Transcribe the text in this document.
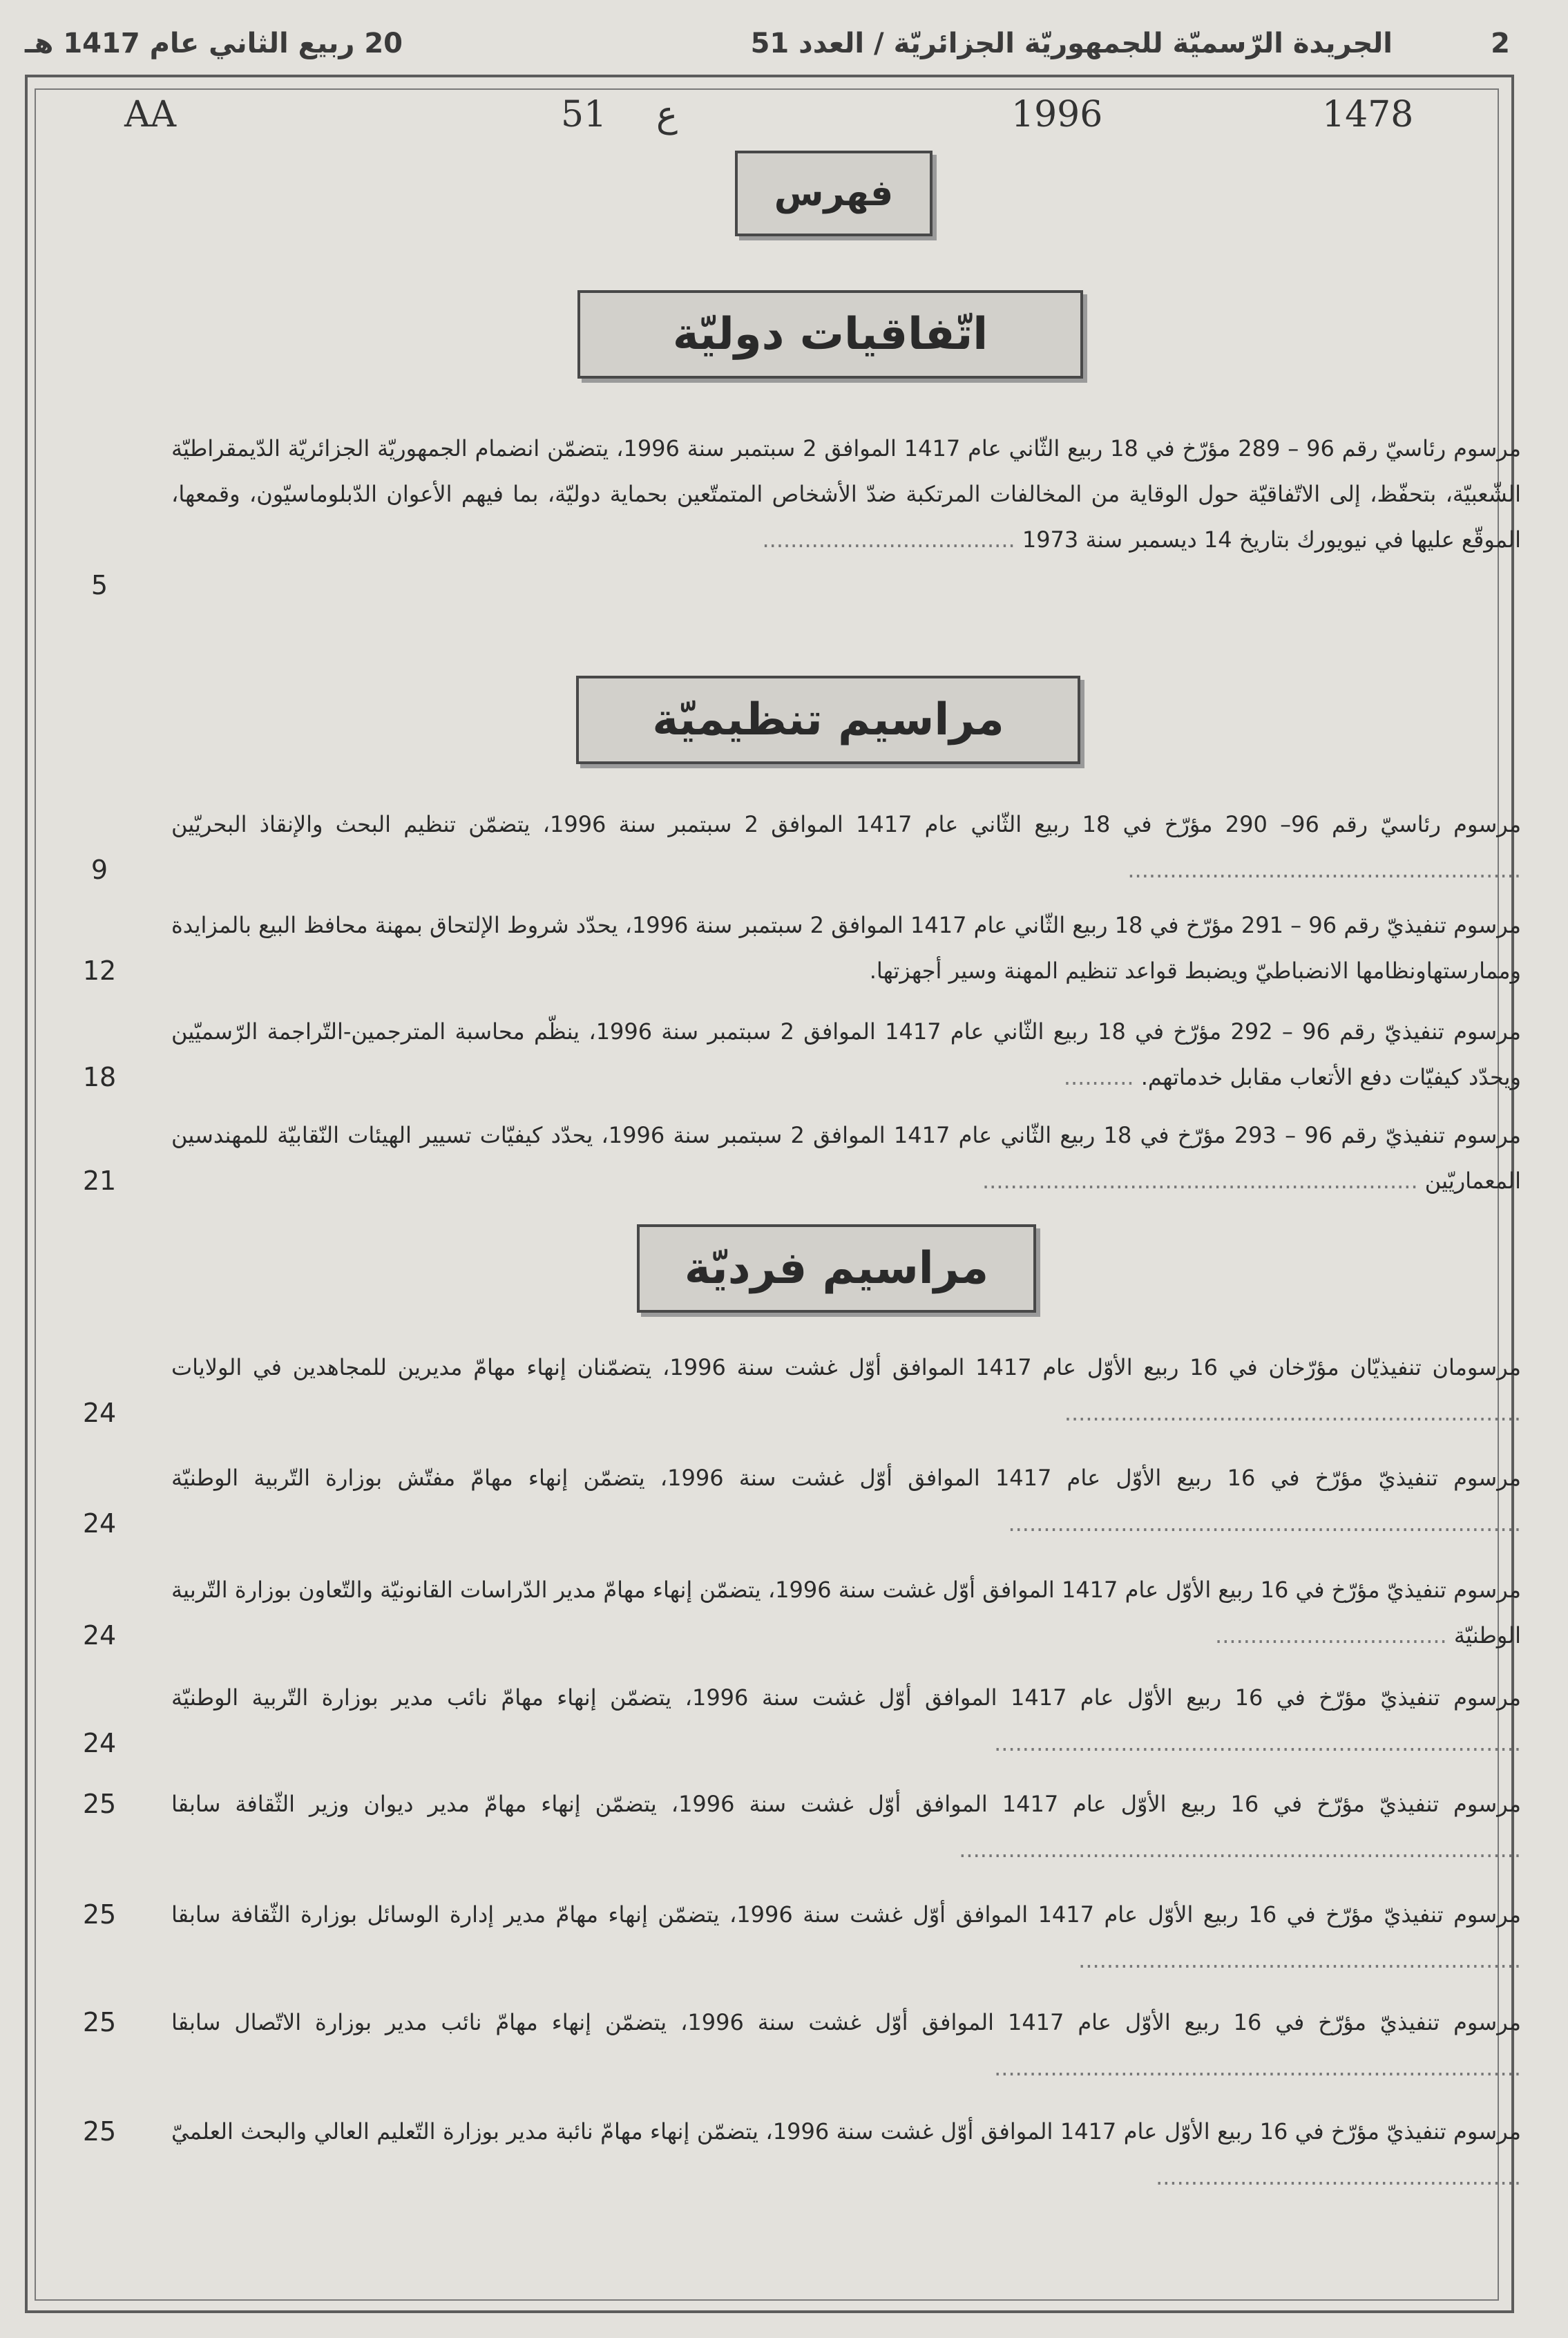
2
الجريدة الرّسميّة للجمهوريّة الجزائريّة / العدد 51
20 ربيع الثاني عام 1417 هـ
AA	51 ع	1996	1478
فهرس
اتّفاقيات دوليّة
مرسوم رئاسيّ رقم 96 – 289 مؤرّخ في 18 ربيع الثّاني عام 1417 الموافق 2 سبتمبر سنة 1996، يتضمّن انضمام الجمهوريّة الجزائريّة الدّيمقراطيّة الشّعبيّة، بتحفّظ، إلى الاتّفاقيّة حول الوقاية من المخالفات المرتكبة ضدّ الأشخاص المتمتّعين بحماية دوليّة، بما فيهم الأعوان الدّبلوماسيّون، وقمعها، الموقّع عليها في نيويورك بتاريخ 14 ديسمبر سنة 1973 ....................................
5
مراسيم تنظيميّة
مرسوم رئاسيّ رقم 96– 290 مؤرّخ في 18 ربيع الثّاني عام 1417 الموافق 2 سبتمبر سنة 1996، يتضمّن تنظيم البحث والإنقاذ البحريّين ........................................................
9
مرسوم تنفيذيّ رقم 96 – 291 مؤرّخ في 18 ربيع الثّاني عام 1417 الموافق 2 سبتمبر سنة 1996، يحدّد شروط الإلتحاق بمهنة محافظ البيع بالمزايدة وممارستهاونظامها الانضباطيّ ويضبط قواعد تنظيم المهنة وسير أجهزتها.
12
مرسوم تنفيذيّ رقم 96 – 292 مؤرّخ في 18 ربيع الثّاني عام 1417 الموافق 2 سبتمبر سنة 1996، ينظّم محاسبة المترجمين-التّراجمة الرّسميّين ويحدّد كيفيّات دفع الأتعاب مقابل خدماتهم. ..........
18
مرسوم تنفيذيّ رقم 96 – 293 مؤرّخ في 18 ربيع الثّاني عام 1417 الموافق 2 سبتمبر سنة 1996، يحدّد كيفيّات تسيير الهيئات النّقابيّة للمهندسين المعماريّين ..............................................................
21
مراسيم فرديّة
مرسومان تنفيذيّان مؤرّخان في 16 ربيع الأوّل عام 1417 الموافق أوّل غشت سنة 1996، يتضمّنان إنهاء مهامّ مديرين للمجاهدين في الولايات .................................................................
24
مرسوم تنفيذيّ مؤرّخ في 16 ربيع الأوّل عام 1417 الموافق أوّل غشت سنة 1996، يتضمّن إنهاء مهامّ مفتّش بوزارة التّربية الوطنيّة .........................................................................
24
مرسوم تنفيذيّ مؤرّخ في 16 ربيع الأوّل عام 1417 الموافق أوّل غشت سنة 1996، يتضمّن إنهاء مهامّ مدير الدّراسات القانونيّة والتّعاون بوزارة التّربية الوطنيّة .................................
24
مرسوم تنفيذيّ مؤرّخ في 16 ربيع الأوّل عام 1417 الموافق أوّل غشت سنة 1996، يتضمّن إنهاء مهامّ نائب مدير بوزارة التّربية الوطنيّة ...........................................................................
24
مرسوم تنفيذيّ مؤرّخ في 16 ربيع الأوّل عام 1417 الموافق أوّل غشت سنة 1996، يتضمّن إنهاء مهامّ مدير ديوان وزير الثّقافة سابقا ................................................................................
25
مرسوم تنفيذيّ مؤرّخ في 16 ربيع الأوّل عام 1417 الموافق أوّل غشت سنة 1996، يتضمّن إنهاء مهامّ مدير إدارة الوسائل بوزارة الثّقافة سابقا ...............................................................
25
مرسوم تنفيذيّ مؤرّخ في 16 ربيع الأوّل عام 1417 الموافق أوّل غشت سنة 1996، يتضمّن إنهاء مهامّ نائب مدير بوزارة الاتّصال سابقا ...........................................................................
25
مرسوم تنفيذيّ مؤرّخ في 16 ربيع الأوّل عام 1417 الموافق أوّل غشت سنة 1996، يتضمّن إنهاء مهامّ نائبة مدير بوزارة التّعليم العالي والبحث العلميّ ....................................................
25
